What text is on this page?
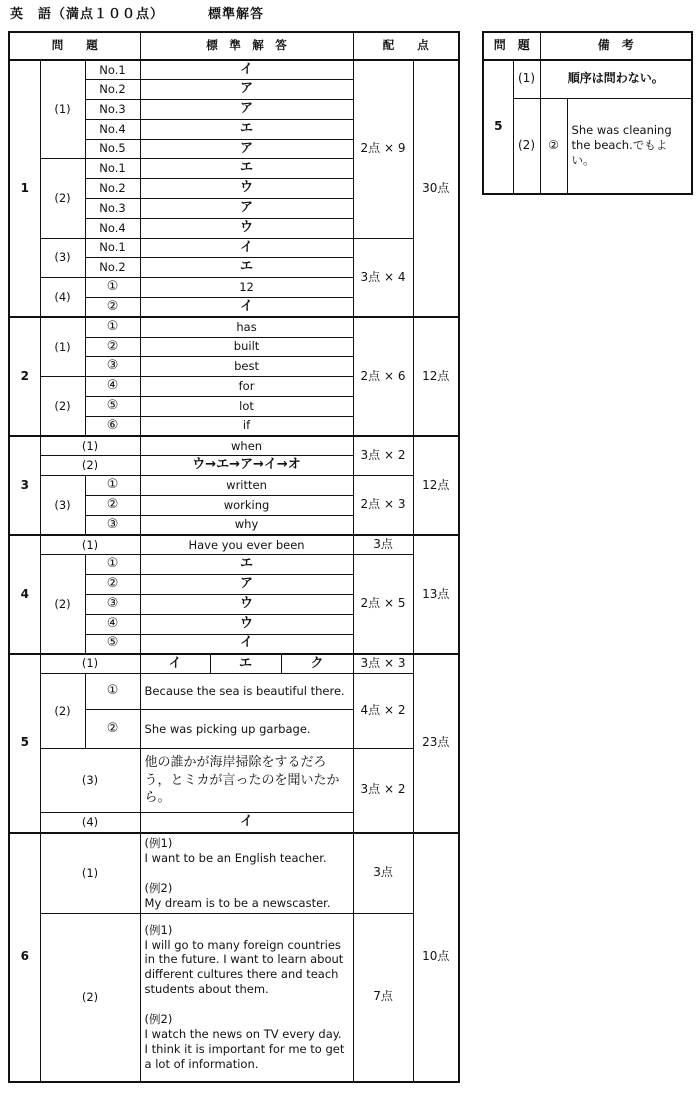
英　語（満点１００点）	標準解答
問　　題			標　準　解　答			配　　点	
1	(1)	No.1	イ			2点 × 9	30点
		No.2	ア				
		No.3	ア				
		No.4	エ				
		No.5	ア				
	(2)	No.1	エ				
		No.2	ウ				
		No.3	ア				
		No.4	ウ				
	(3)	No.1	イ			3点 × 4	
		No.2	エ				
	(4)	①	12				
		②	イ				
2	(1)	①	has			2点 × 6	12点
		②	built				
		③	best				
	(2)	④	for				
		⑤	lot				
		⑥	if				
3	(1)		when			3点 × 2	12点
	(2)		ウ→エ→ア→イ→オ				
	(3)	①	written			2点 × 3	
		②	working				
		③	why				
4	(1)		Have you ever been			3点	13点
	(2)	①	エ			2点 × 5	
		②	ア				
		③	ウ				
		④	ウ				
		⑤	イ				
5	(1)		イ	エ	ク	3点 × 3	23点
	(2)	①	Because the sea is beautiful there.			4点 × 2	
		②	She was picking up garbage.				
	(3)		他の誰かが海岸掃除をするだろう，とミカが言ったのを聞いたから。			3点 × 2	
	(4)		イ				
6	(1)		(例1)
I want to be an English teacher.

(例2)
My dream is to be a newscaster.			3点	10点
	(2)		(例1)
I will go to many foreign countries in the future. I want to learn about different cultures there and teach students about them.

(例2)
I watch the news on TV every day. I think it is important for me to get a lot of information.			7点	
問　題		備　考	
5	(1)	順序は問わない。	
	(2)	②	She was cleaning the beach.でもよい。
